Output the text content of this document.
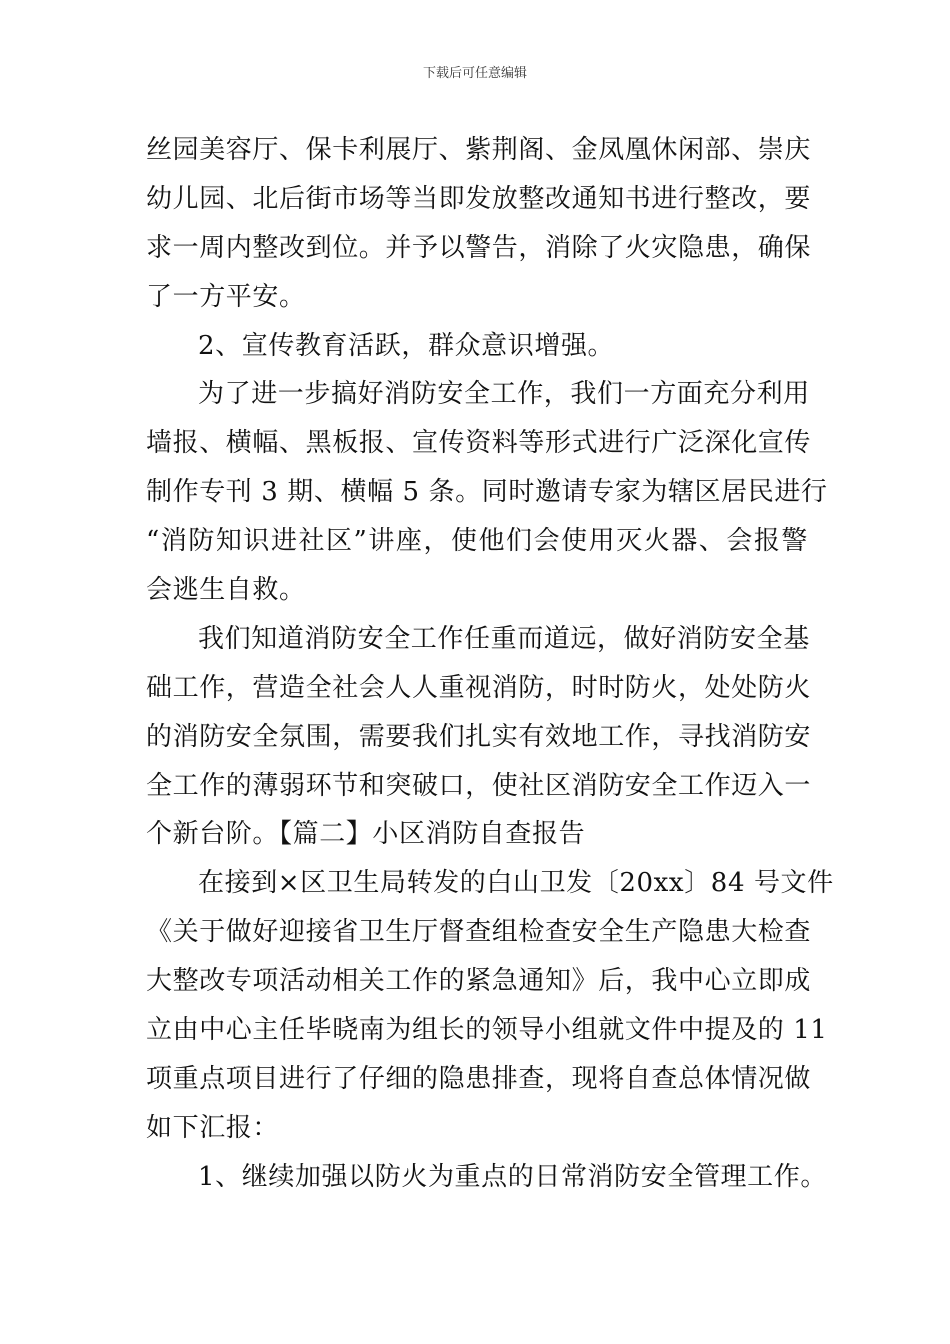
下载后可任意编辑
丝园美容厅、保卡利展厅、紫荆阁、金凤凰休闲部、崇庆
幼儿园、北后街市场等当即发放整改通知书进行整改，要
求一周内整改到位。并予以警告，消除了火灾隐患，确保
了一方平安。
2、宣传教育活跃，群众意识增强。
为了进一步搞好消防安全工作，我们一方面充分利用
墙报、横幅、黑板报、宣传资料等形式进行广泛深化宣传
制作专刊 3 期、横幅 5 条。同时邀请专家为辖区居民进行
“消防知识进社区”讲座，使他们会使用灭火器、会报警
会逃生自救。
我们知道消防安全工作任重而道远，做好消防安全基
础工作，营造全社会人人重视消防，时时防火，处处防火
的消防安全氛围，需要我们扎实有效地工作，寻找消防安
全工作的薄弱环节和突破口，使社区消防安全工作迈入一
个新台阶。【篇二】小区消防自查报告
在接到×区卫生局转发的白山卫发〔20xx〕84 号文件
《关于做好迎接省卫生厅督查组检查安全生产隐患大检查
大整改专项活动相关工作的紧急通知》后，我中心立即成
立由中心主任毕晓南为组长的领导小组就文件中提及的 11
项重点项目进行了仔细的隐患排查，现将自查总体情况做
如下汇报：
1、继续加强以防火为重点的日常消防安全管理工作。
